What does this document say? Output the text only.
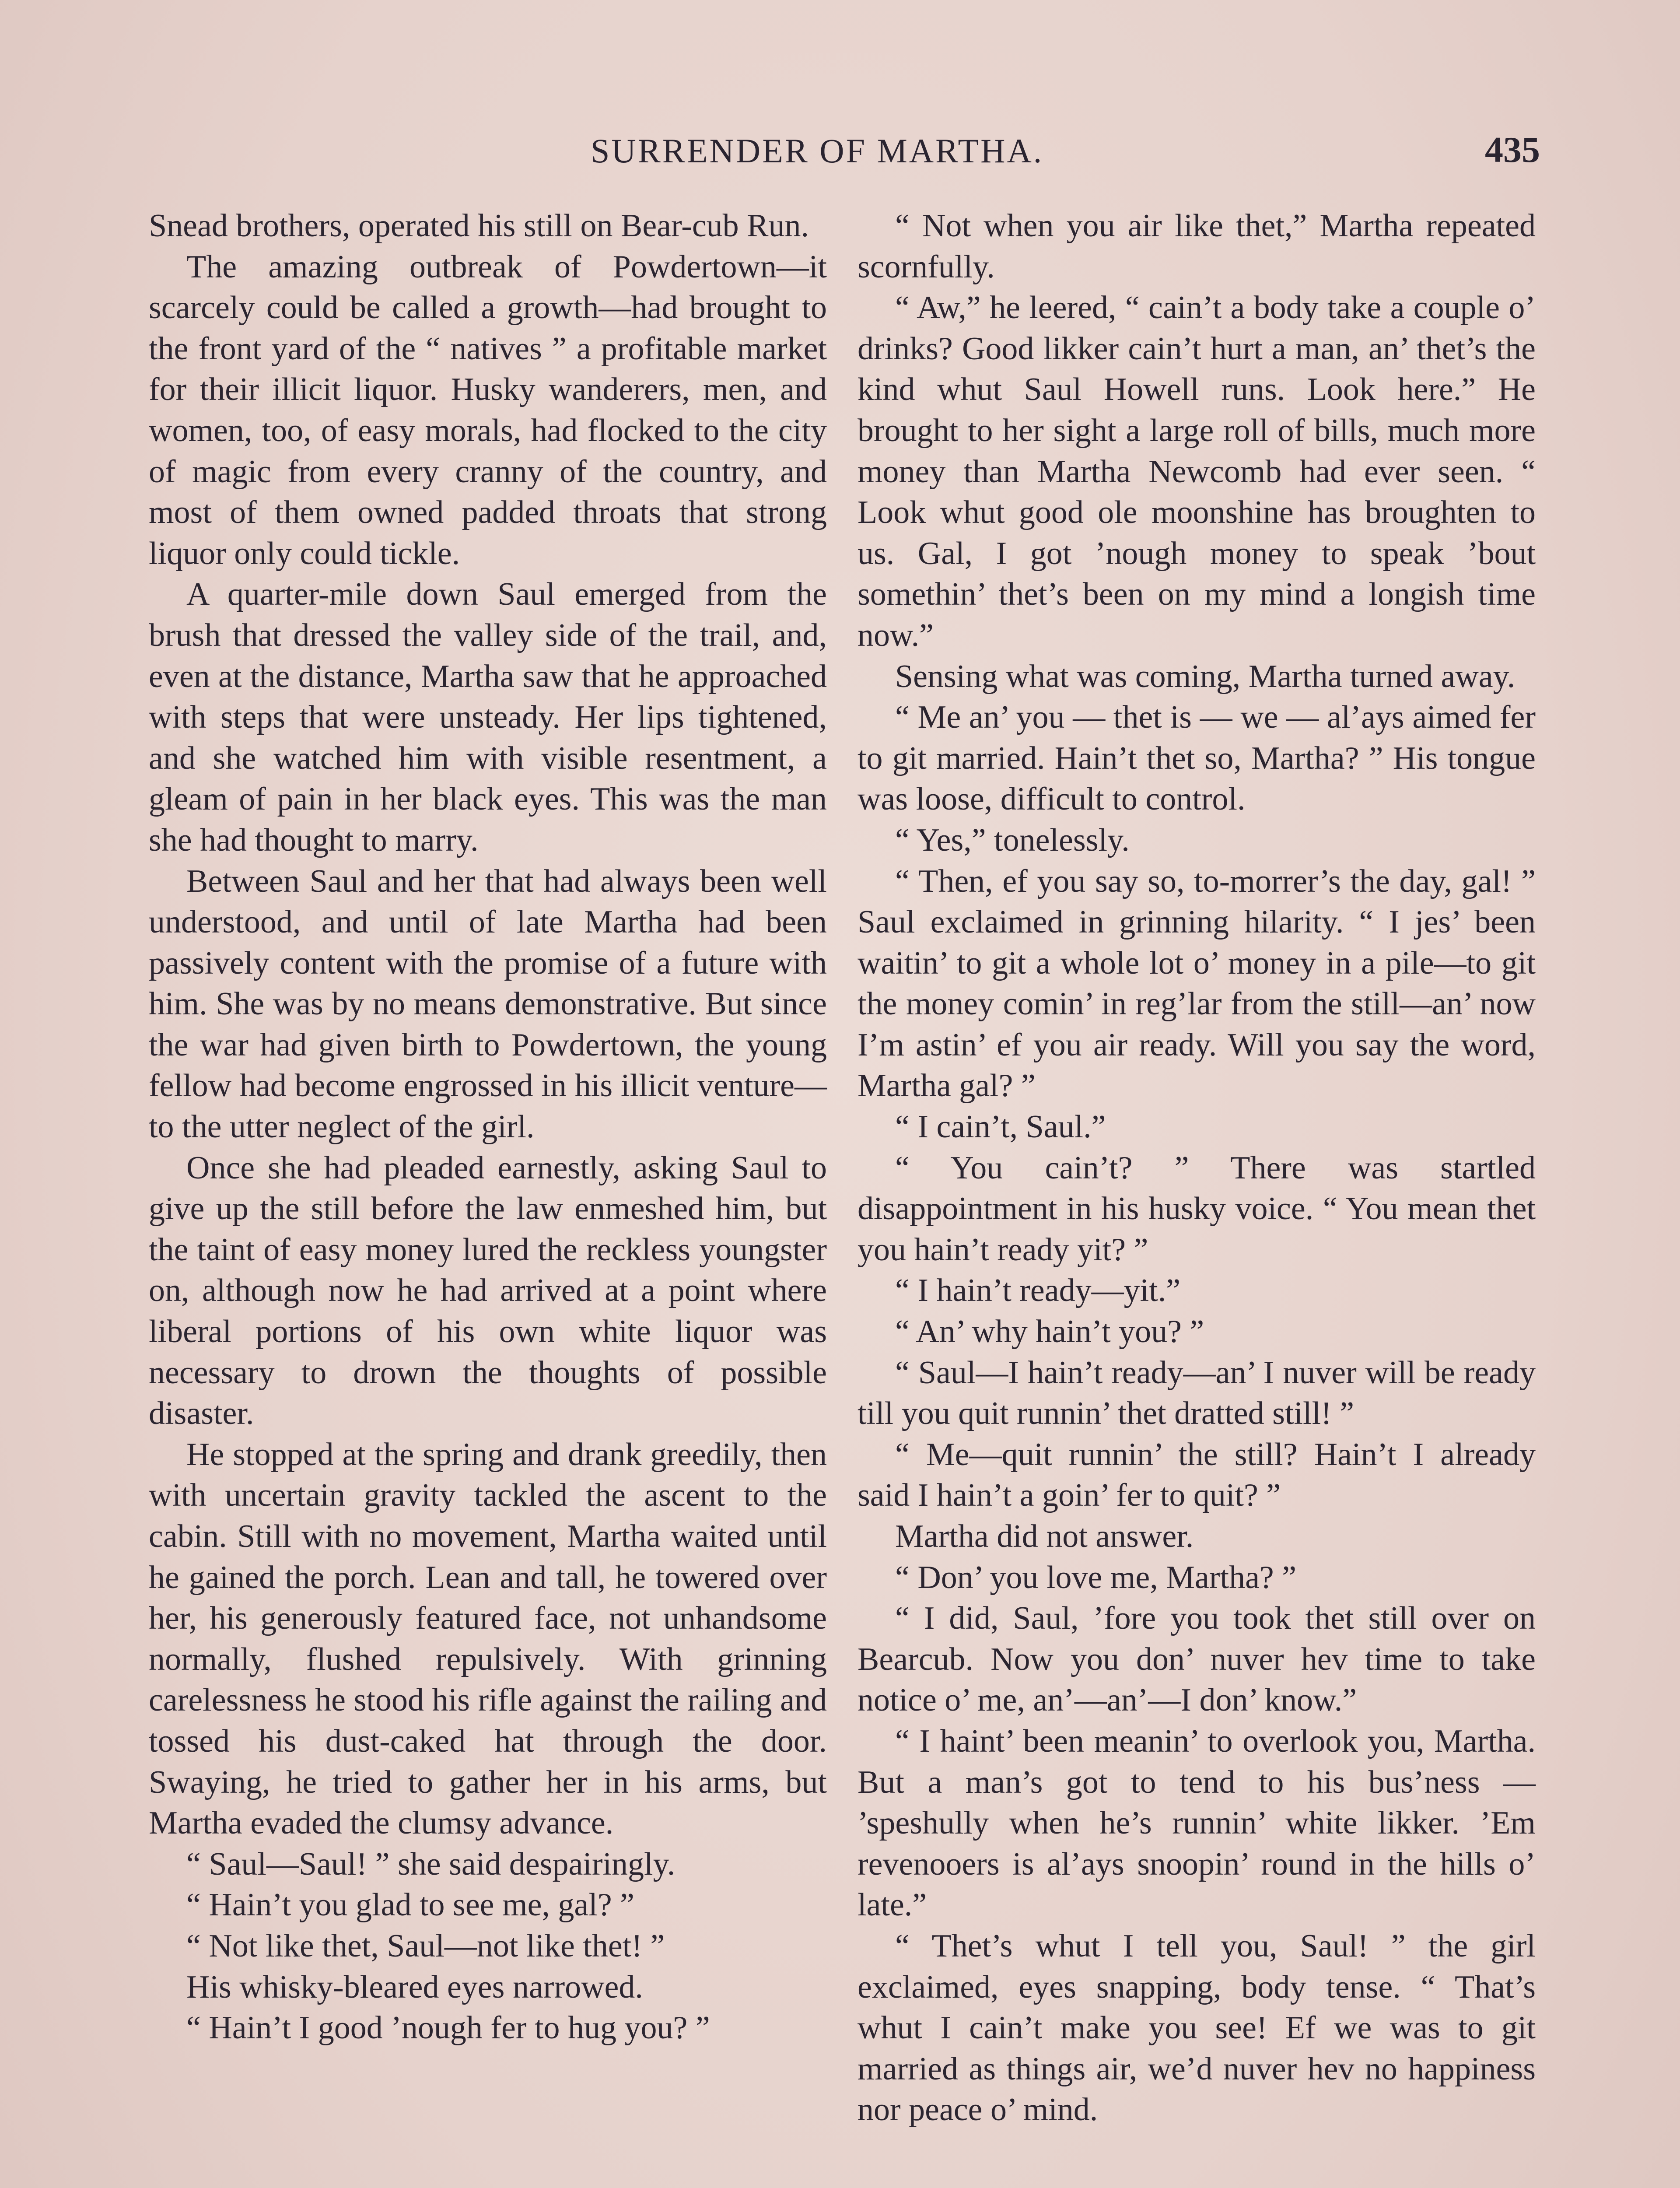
SURRENDER OF MARTHA.	435

Snead brothers, operated his still on Bear-cub Run.

The amazing outbreak of Powdertown—it scarcely could be called a growth—had brought to the front yard of the “ natives ” a profitable market for their illicit liquor. Husky wanderers, men, and women, too, of easy morals, had flocked to the city of magic from every cranny of the country, and most of them owned padded throats that strong liquor only could tickle.

A quarter-mile down Saul emerged from the brush that dressed the valley side of the trail, and, even at the distance, Martha saw that he approached with steps that were unsteady. Her lips tightened, and she watched him with visible resentment, a gleam of pain in her black eyes. This was the man she had thought to marry.

Between Saul and her that had always been well understood, and until of late Martha had been passively content with the promise of a future with him. She was by no means demonstrative. But since the war had given birth to Powdertown, the young fellow had become engrossed in his illicit venture—to the utter neglect of the girl.

Once she had pleaded earnestly, asking Saul to give up the still before the law enmeshed him, but the taint of easy money lured the reckless youngster on, although now he had arrived at a point where liberal portions of his own white liquor was necessary to drown the thoughts of possible disaster.

He stopped at the spring and drank greedily, then with uncertain gravity tackled the ascent to the cabin. Still with no movement, Martha waited until he gained the porch. Lean and tall, he towered over her, his generously featured face, not unhandsome normally, flushed repulsively. With grinning carelessness he stood his rifle against the railing and tossed his dust-caked hat through the door. Swaying, he tried to gather her in his arms, but Martha evaded the clumsy advance.

“ Saul—Saul! ” she said despairingly.

“ Hain’t you glad to see me, gal? ”

“ Not like thet, Saul—not like thet! ”

His whisky-bleared eyes narrowed.

“ Hain’t I good ’nough fer to hug you? ”

“ Not when you air like thet,” Martha repeated scornfully.

“ Aw,” he leered, “ cain’t a body take a couple o’ drinks? Good likker cain’t hurt a man, an’ thet’s the kind whut Saul Howell runs. Look here.” He brought to her sight a large roll of bills, much more money than Martha Newcomb had ever seen. “ Look whut good ole moonshine has broughten to us. Gal, I got ’nough money to speak ’bout somethin’ thet’s been on my mind a longish time now.”

Sensing what was coming, Martha turned away.

“ Me an’ you — thet is — we — al’ays aimed fer to git married. Hain’t thet so, Martha? ” His tongue was loose, difficult to control.

“ Yes,” tonelessly.

“ Then, ef you say so, to-morrer’s the day, gal! ” Saul exclaimed in grinning hilarity. “ I jes’ been waitin’ to git a whole lot o’ money in a pile—to git the money comin’ in reg’lar from the still—an’ now I’m astin’ ef you air ready. Will you say the word, Martha gal? ”

“ I cain’t, Saul.”

“ You cain’t? ” There was startled disappointment in his husky voice. “ You mean thet you hain’t ready yit? ”

“ I hain’t ready—yit.”

“ An’ why hain’t you? ”

“ Saul—I hain’t ready—an’ I nuver will be ready till you quit runnin’ thet dratted still! ”

“ Me—quit runnin’ the still? Hain’t I already said I hain’t a goin’ fer to quit? ”

Martha did not answer.

“ Don’ you love me, Martha? ”

“ I did, Saul, ’fore you took thet still over on Bearcub. Now you don’ nuver hev time to take notice o’ me, an’—an’—I don’ know.”

“ I haint’ been meanin’ to overlook you, Martha. But a man’s got to tend to his bus’ness — ’speshully when he’s runnin’ white likker. ’Em revenooers is al’ays snoopin’ round in the hills o’ late.”

“ Thet’s whut I tell you, Saul! ” the girl exclaimed, eyes snapping, body tense. “ That’s whut I cain’t make you see! Ef we was to git married as things air, we’d nuver hev no happiness nor peace o’ mind.
